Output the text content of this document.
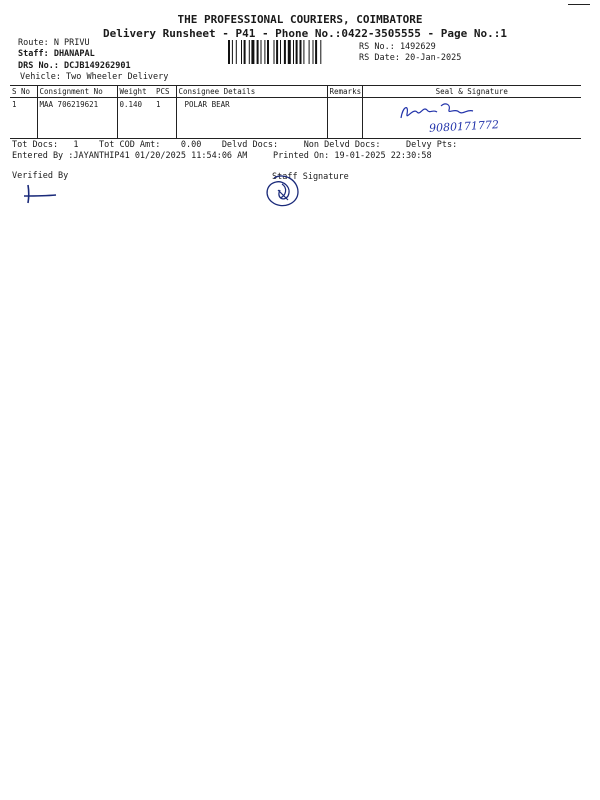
THE PROFESSIONAL COURIERS, COIMBATORE
Delivery Runsheet - P41 - Phone No.:0422-3505555 - Page No.:1
Route: N PRIVU
Staff: DHANAPAL
DRS No.: DCJB149262901
Vehicle: Two Wheeler Delivery
RS No.: 1492629
RS Date: 20-Jan-2025
S No	Consignment No	Weight	PCS	Consignee Details	Remarks	Seal & Signature
1	MAA 706219621	0.140	1	POLAR BEAR		9080171772
Tot Docs:   1    Tot COD Amt:    0.00    Delvd Docs:     Non Delvd Docs:     Delvy Pts:
Entered By :JAYANTHIP41 01/20/2025 11:54:06 AM     Printed On: 19-01-2025 22:30:58
Verified By	Staff Signature
